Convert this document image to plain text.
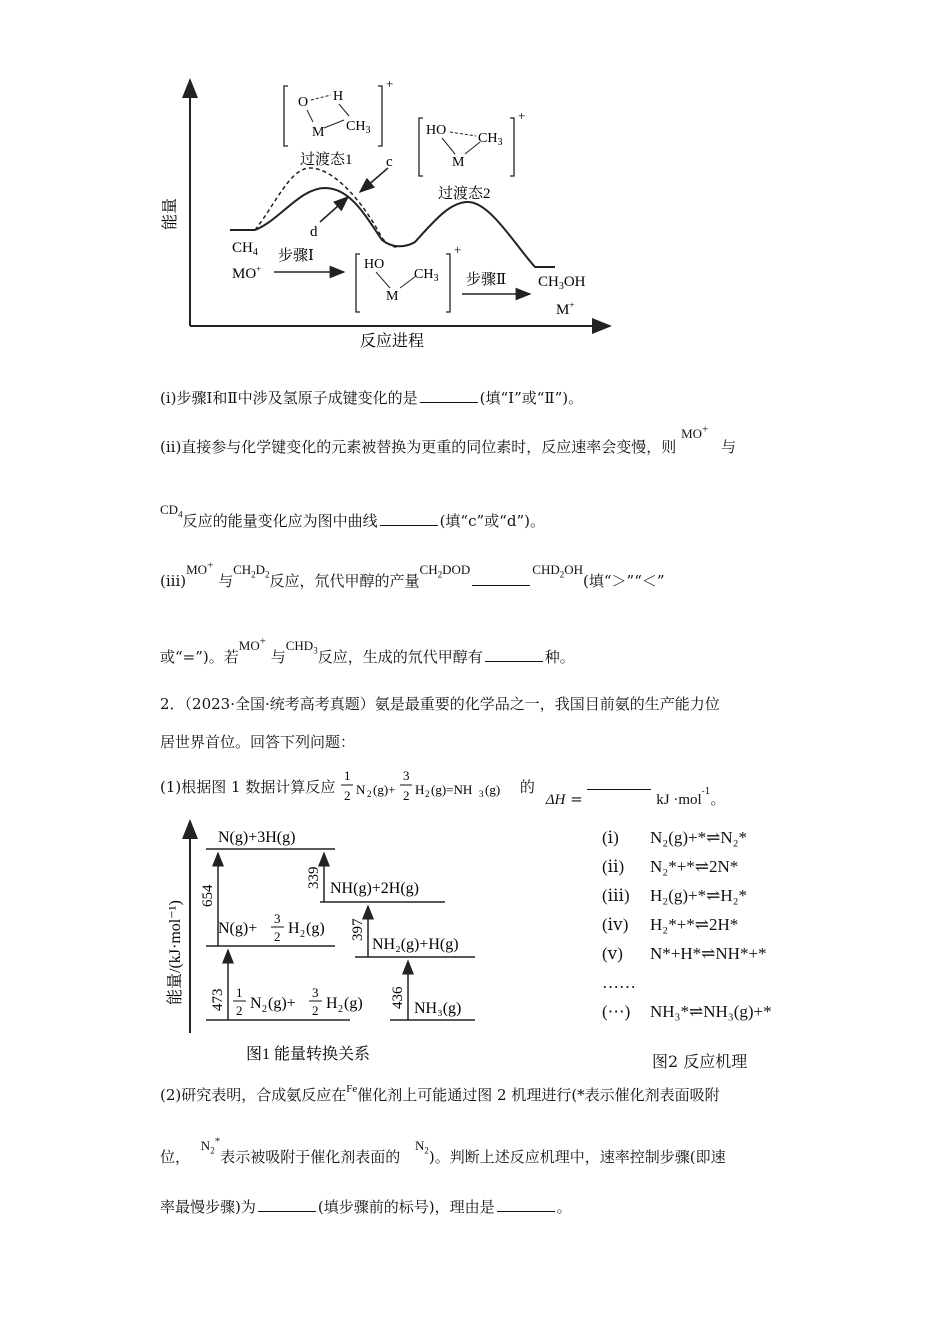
能量
反应进程
c
d
+
O H
M $CH_3$
过渡态1
+
HO
$CH_3$
M
过渡态2
$CH_4$
MO+
步骤Ⅰ	+
HO
$CH_3$
M
步骤Ⅱ $CH_3OH$
M+
(i)步骤Ⅰ和Ⅱ中涉及氢原子成键变化的是	(填“Ⅰ”或“Ⅱ”)。
(ii)直接参与化学键变化的元素被替换为更重的同位素时，反应速率会变慢，则 MO+ 与
$CD_4$反应的能量变化应为图中曲线	(填“c”或“d”)。
(iii)MO+ 与$CH_2D_2$反应，氘代甲醇的产量$CH_2DOD$	$CHD_2OH$(填“＞”“＜”
或“=”)。若MO+ 与$CHD_3$反应，生成的氘代甲醇有	种。
2．（2023·全国·统考高考真题）氨是最重要的化学品之一，我国目前氨的生产能力位
居世界首位。回答下列问题：
(1)根据图 1 数据计算反应
1
2 N 2 (g)+
3
2 H 2 (g)=NH 3 (g) 的 ΔH =	kJ ·mol$^{-1}$。
能量/(kJ·mol⁻¹)
N(g)+3H(g)
N(g)+
3
2 H 2 (g)
1
2 N 2 (g)+
3
2 H 2 (g)
NH(g)+2H(g)
NH₂(g)+H(g)
NH₃(g)
654
339
397
473	436
图1 能量转换关系
(ⅰ) N₂(g)+*⇌N₂*
(ⅱ) N₂*+*⇌2N*
(ⅲ) H₂(g)+*⇌H₂*
(ⅳ) H₂*+*⇌2H*
(ⅴ) N*+H*⇌NH*+*
……
(⋯) NH₃*⇌NH₃(g)+*
图2 反应机理
(2)研究表明，合成氨反应在$^{Fe}$催化剂上可能通过图 2 机理进行(*表示催化剂表面吸附
位， $N_2^*$表示被吸附于催化剂表面的 $N_2$)。判断上述反应机理中，速率控制步骤(即速
率最慢步骤)为	(填步骤前的标号)，理由是	。
